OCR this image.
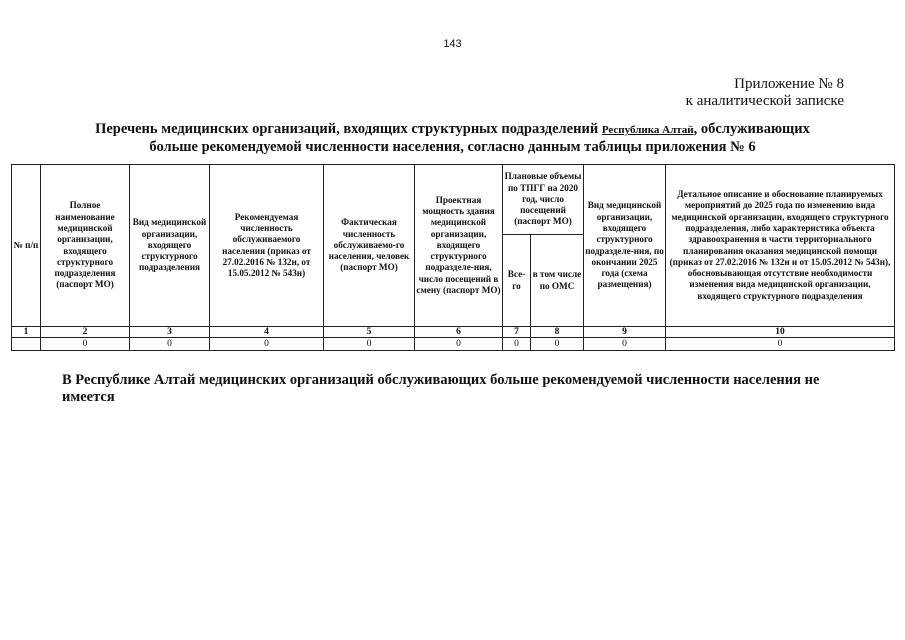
143
Приложение № 8
к аналитической записке
Перечень медицинских организаций, входящих структурных подразделений Республика Алтай, обслуживающих
больше рекомендуемой численности населения, согласно данным таблицы приложения № 6
№ п/п	Полное наименование медицинской организации, входящего структурного подразделения (паспорт МО)	Вид медицинской организации, входящего структурного подразделения	Рекомендуемая численность обслуживаемого населения (приказ от 27.02.2016 № 132н, от 15.05.2012 № 543н)	Фактическая численность обслуживаемо-го населения, человек (паспорт МО)	Проектная мощность здания медицинской организации, входящего структурного подразделе-ния, число посещений в смену (паспорт МО)	Плановые объемы по ТПГГ на 2020 год, число посещений (паспорт МО)		Вид медицинской организации, входящего структурного подразделе-ния, по окончании 2025 года (схема размещения)	Детальное описание и обоснование планируемых мероприятий до 2025 года по изменению вида медицинской организации, входящего структурного подразделения, либо характеристика объекта здравоохранения в части территориального планирования оказания медицинской помощи (приказ от 27.02.2016 № 132н и от 15.05.2012 № 543н), обосновывающая отсутствие необходимости изменения вида медицинской организации, входящего структурного подразделения
						Все-го	в том числе по ОМС		
1	2	3	4	5	6	7	8	9	10
	0	0	0	0	0	0	0	0	0
В Республике Алтай медицинских организаций обслуживающих больше рекомендуемой численности населения не имеется
